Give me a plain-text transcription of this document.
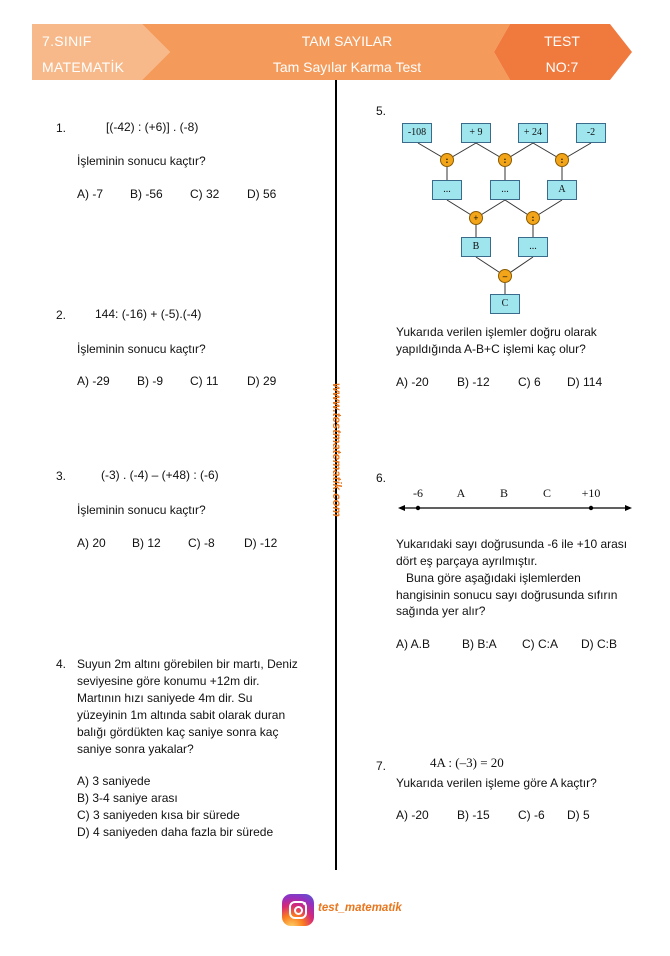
7.SINIF
MATEMATİK
TAM SAYILAR
Tam Sayılar Karma Test
TEST
NO:7
www.testmatematik.com
1.	[(-42) : (+6)] . (-8)
İşleminin sonucu kaçtır?
A) -7 B) -56 C) 32 D) 56
2. 144: (-16) + (-5).(-4)
İşleminin sonucu kaçtır?
A) -29 B) -9 C) 11 D) 29
3.	(-3) . (-4) – (+48) : (-6)
İşleminin sonucu kaçtır?
A) 20 B) 12 C) -8 D) -12
4. Suyun 2m altını görebilen bir martı, Deniz
seviyesine göre konumu +12m dir.
Martının hızı saniyede 4m dir. Su
yüzeyinin 1m altında sabit olarak duran
balığı gördükten kaç saniye sonra kaç
saniye sonra yakalar?
A) 3 saniyede
B) 3-4 saniye arası
C) 3 saniyeden kısa bir sürede
D) 4 saniyeden daha fazla bir sürede
5.
-108	+ 9	+ 24	-2
:	:	:
...	...	A
+	:
B	...
–
C
Yukarıda verilen işlemler doğru olarak
yapıldığında A-B+C işlemi kaç olur?
A) -20 B) -12 C) 6 D) 114
6.
-6	A	B	C	+10
Yukarıdaki sayı doğrusunda -6 ile +10 arası
dört eş parçaya ayrılmıştır.
Buna göre aşağıdaki işlemlerden
hangisinin sonucu sayı doğrusunda sıfırın
sağında yer alır?
A) A.B	B) B:A C) C:A D) C:B
7.	4A : (–3) = 20
Yukarıda verilen işleme göre A kaçtır?
A) -20 B) -15 C) -6 D) 5
test_matematik
